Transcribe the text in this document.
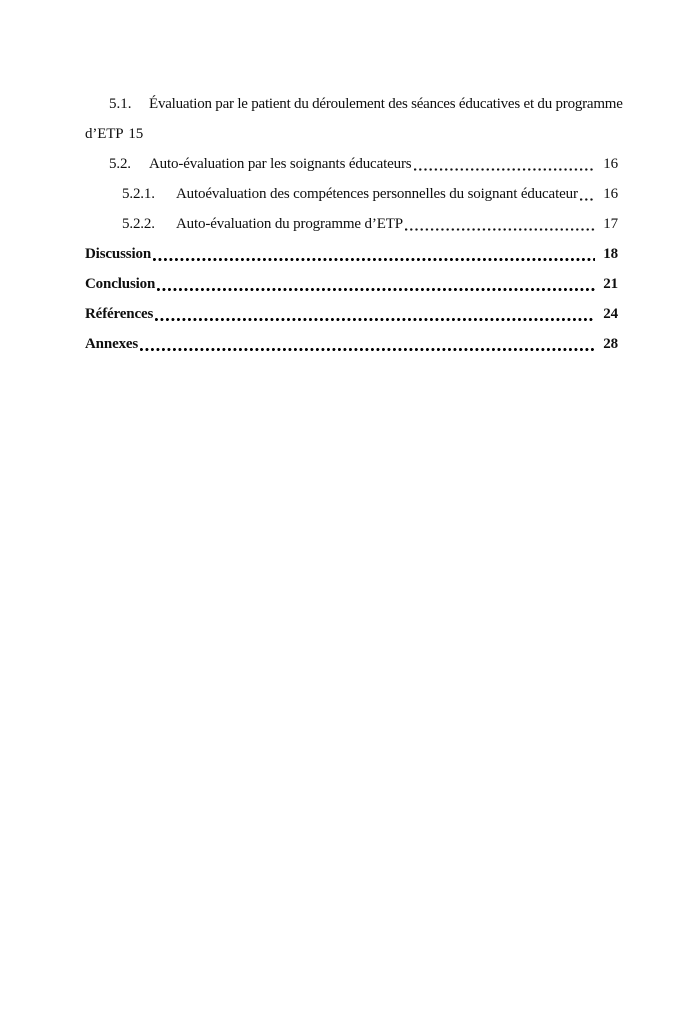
5.1.	Évaluation par le patient du déroulement des séances éducatives et du programme
d’ETP 15
5.2.	Auto-évaluation par les soignants éducateurs	16
5.2.1.	Autoévaluation des compétences personnelles du soignant éducateur 16
5.2.2.	Auto-évaluation du programme d’ETP	17
Discussion	18
Conclusion	21
Références	24
Annexes	28
